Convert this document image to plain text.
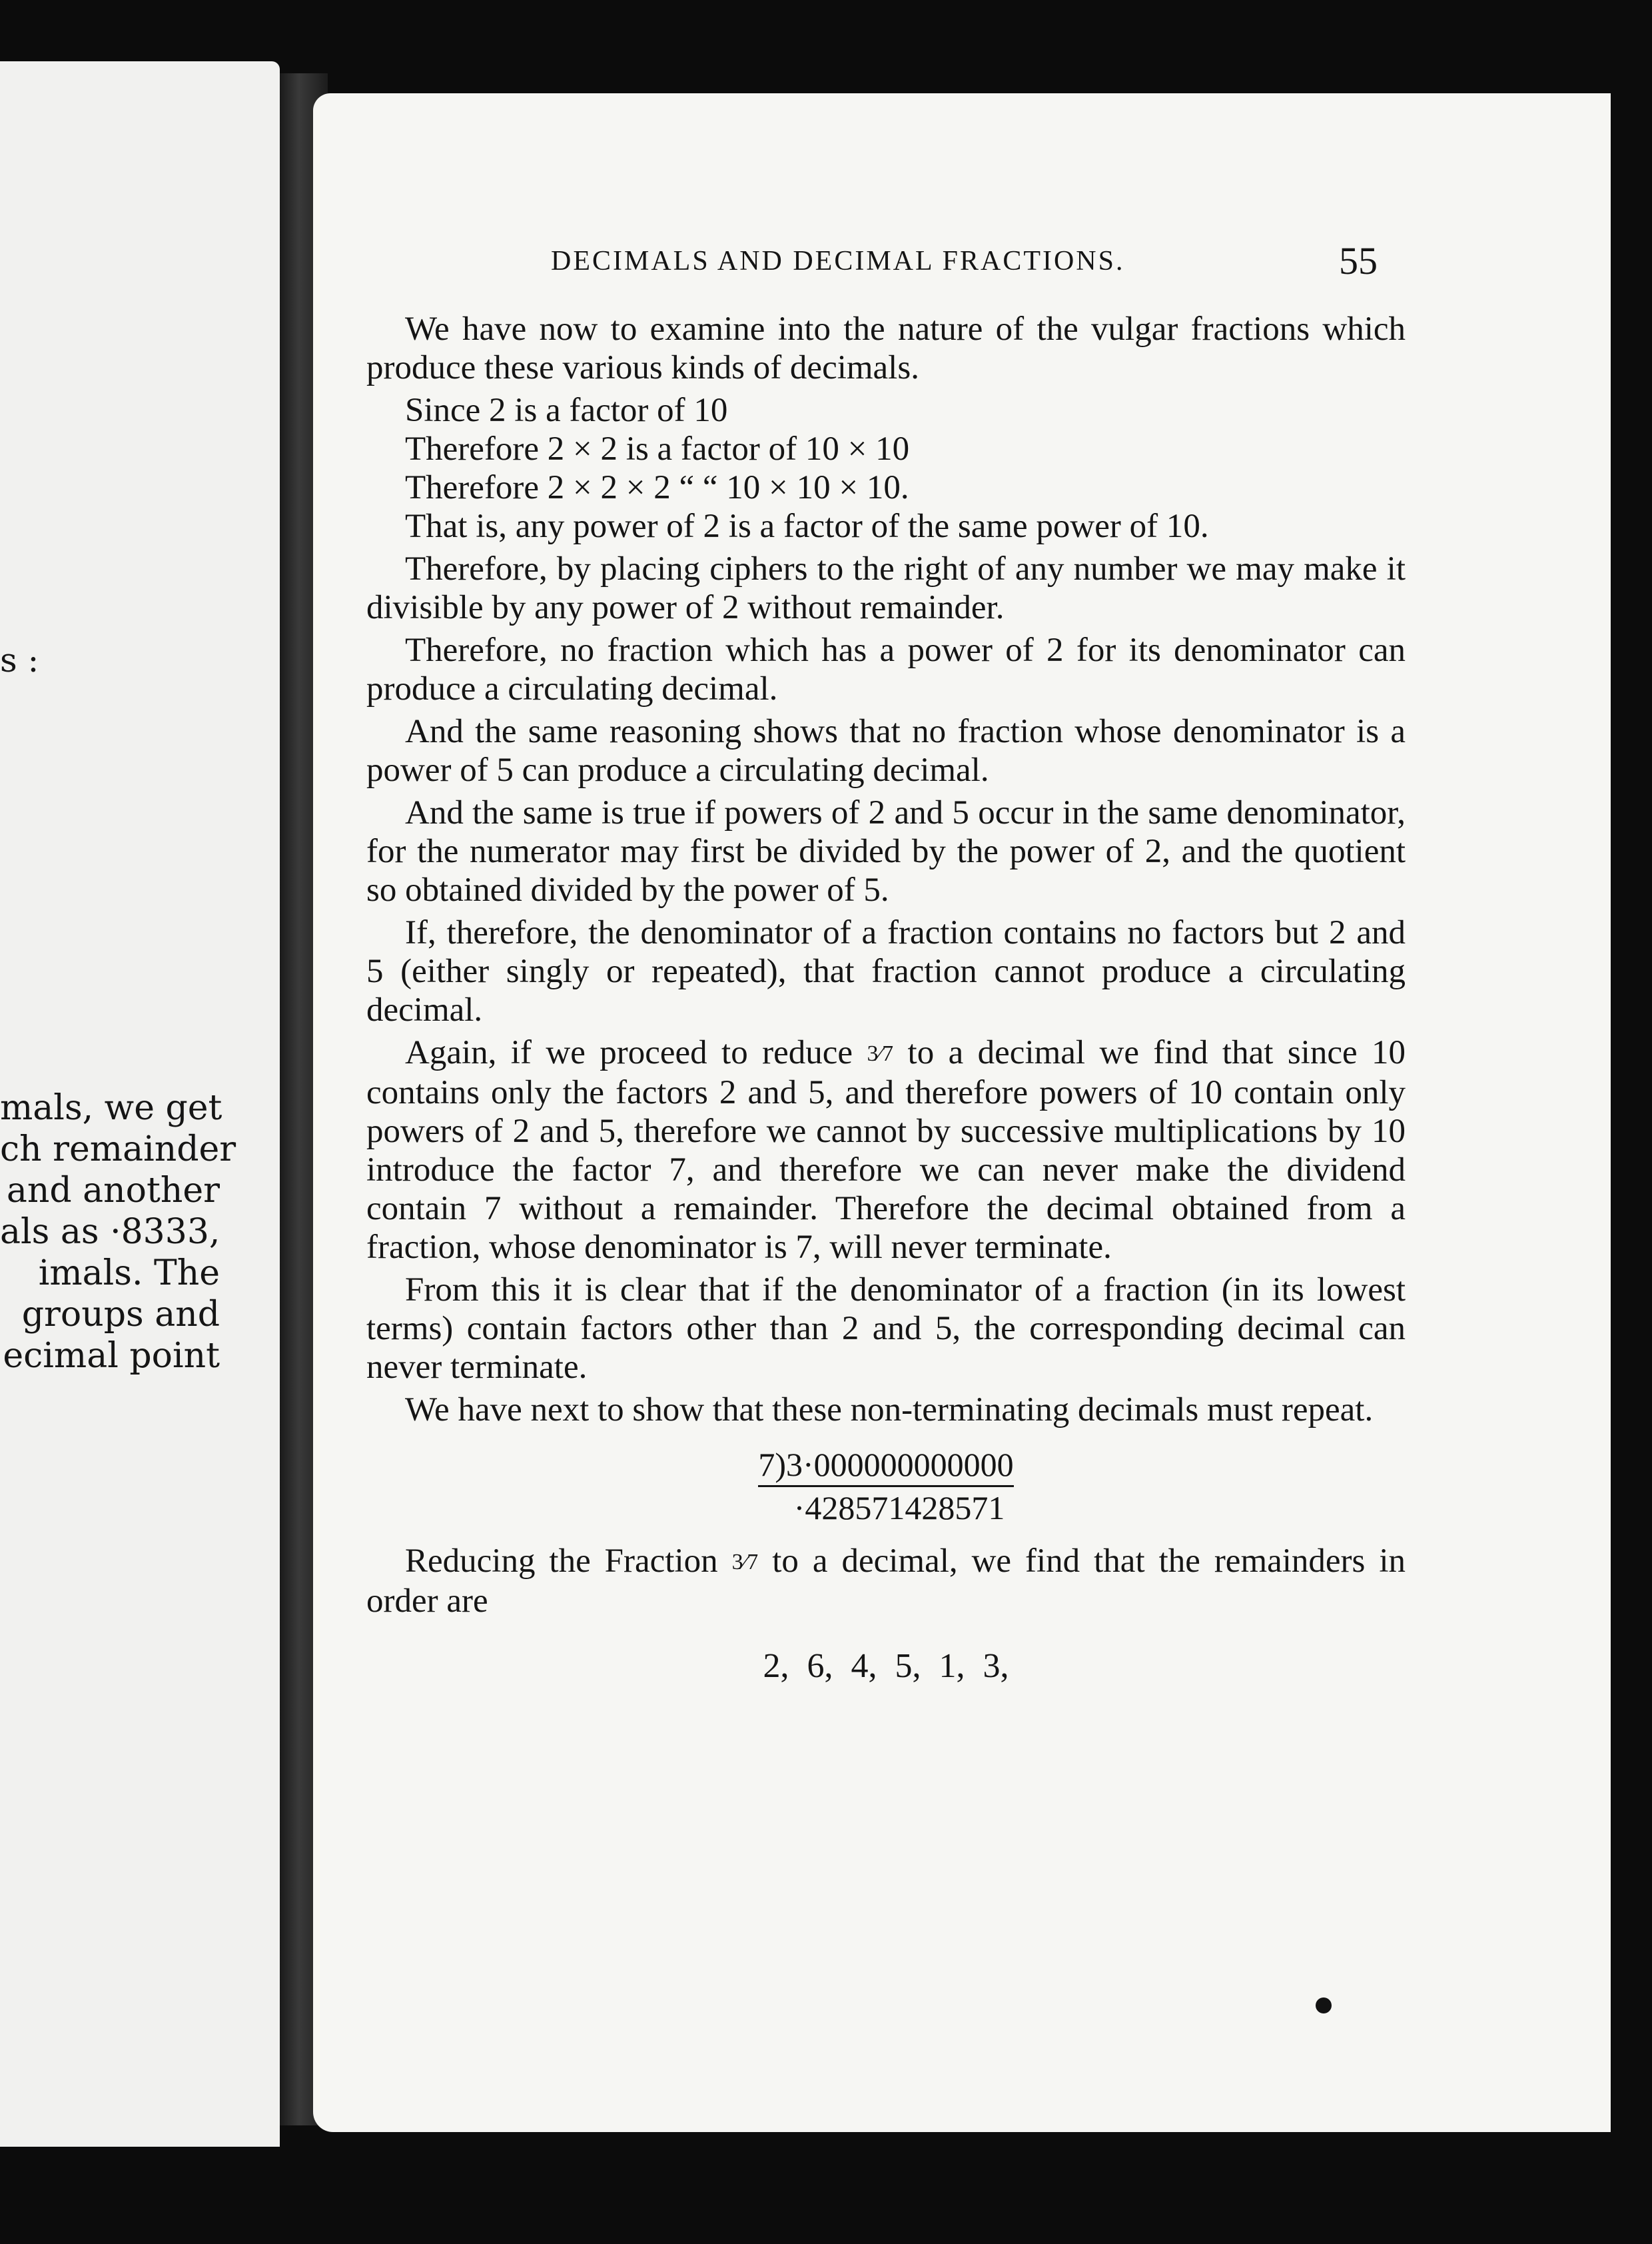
s :
mals, we get
ch remainder
and another
als as ·8333,
imals. The
groups and
ecimal point
DECIMALS AND DECIMAL FRACTIONS.	55

We have now to examine into the nature of the vulgar fractions which produce these various kinds of decimals.

Since 2 is a factor of 10

Therefore 2 × 2 is a factor of 10 × 10

Therefore 2 × 2 × 2 “ “ 10 × 10 × 10.

That is, any power of 2 is a factor of the same power of 10.

Therefore, by placing ciphers to the right of any number we may make it divisible by any power of 2 without remainder.

Therefore, no fraction which has a power of 2 for its denominator can produce a circulating decimal.

And the same reasoning shows that no fraction whose denominator is a power of 5 can produce a circulating decimal.

And the same is true if powers of 2 and 5 occur in the same denominator, for the numerator may first be divided by the power of 2, and the quotient so obtained divided by the power of 5.

If, therefore, the denominator of a fraction contains no factors but 2 and 5 (either singly or repeated), that fraction cannot produce a circulating decimal.

Again, if we proceed to reduce 3⁄7 to a decimal we find that since 10 contains only the factors 2 and 5, and therefore powers of 10 contain only powers of 2 and 5, therefore we cannot by successive multiplications by 10 introduce the factor 7, and therefore we can never make the dividend contain 7 without a remainder. Therefore the decimal obtained from a fraction, whose denominator is 7, will never terminate.

From this it is clear that if the denominator of a fraction (in its lowest terms) contain factors other than 2 and 5, the corresponding decimal can never terminate.

We have next to show that these non-terminating decimals must repeat.

7)3·000000000000
·428571428571

Reducing the Fraction 3⁄7 to a decimal, we find that the remainders in order are

2, 6, 4, 5, 1, 3,
